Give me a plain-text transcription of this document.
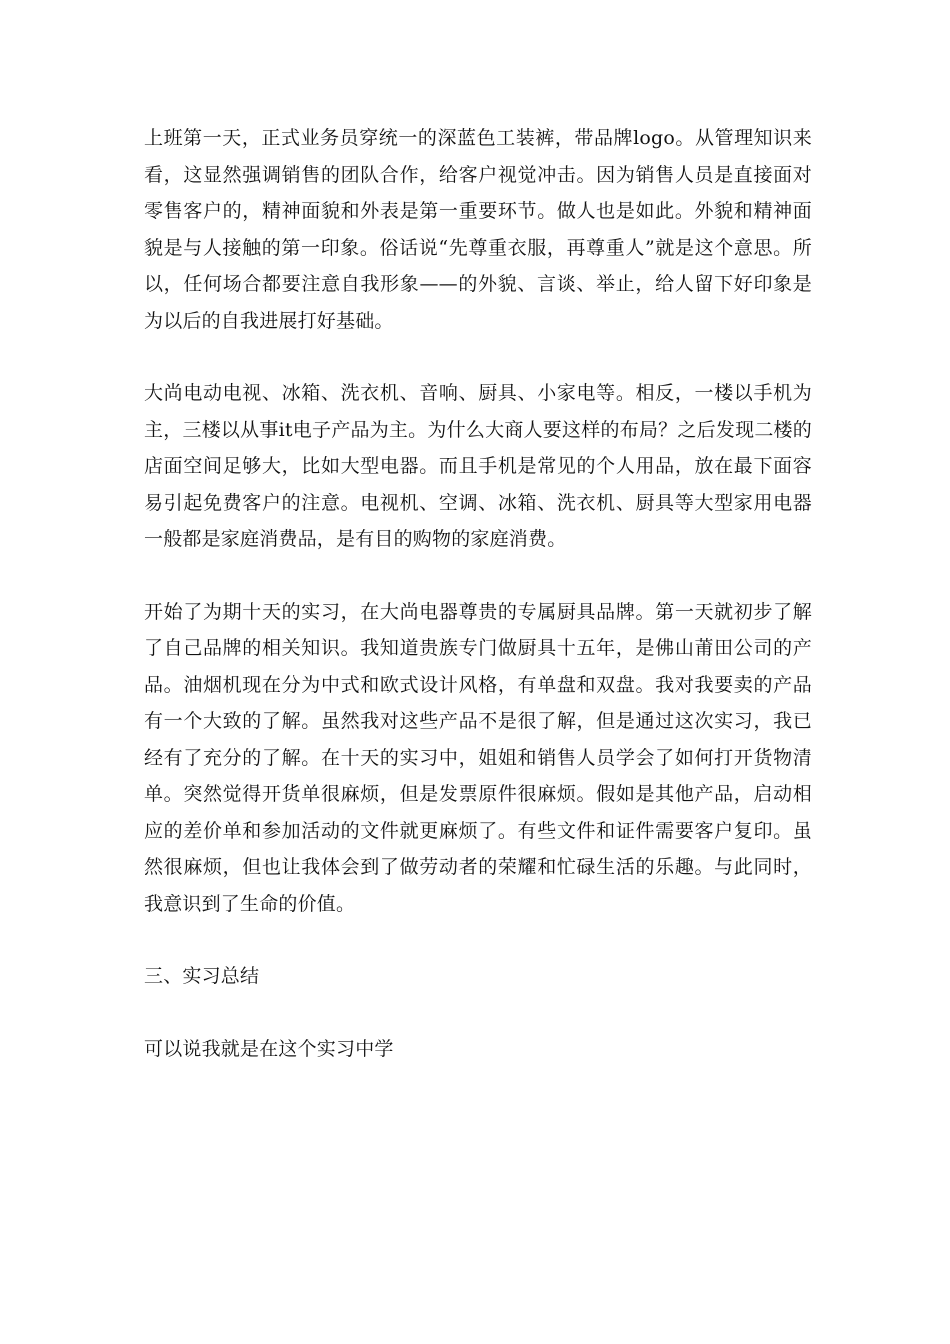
上班第一天，正式业务员穿统一的深蓝色工装裤，带品牌logo。从管理知识来看，这显然强调销售的团队合作，给客户视觉冲击。因为销售人员是直接面对零售客户的，精神面貌和外表是第一重要环节。做人也是如此。外貌和精神面貌是与人接触的第一印象。俗话说“先尊重衣服，再尊重人”就是这个意思。所以，任何场合都要注意自我形象——的外貌、言谈、举止，给人留下好印象是为以后的自我进展打好基础。

大尚电动电视、冰箱、洗衣机、音响、厨具、小家电等。相反，一楼以手机为主，三楼以从事it电子产品为主。为什么大商人要这样的布局？之后发现二楼的店面空间足够大，比如大型电器。而且手机是常见的个人用品，放在最下面容易引起免费客户的注意。电视机、空调、冰箱、洗衣机、厨具等大型家用电器一般都是家庭消费品，是有目的购物的家庭消费。

开始了为期十天的实习，在大尚电器尊贵的专属厨具品牌。第一天就初步了解了自己品牌的相关知识。我知道贵族专门做厨具十五年，是佛山莆田公司的产品。油烟机现在分为中式和欧式设计风格，有单盘和双盘。我对我要卖的产品有一个大致的了解。虽然我对这些产品不是很了解，但是通过这次实习，我已经有了充分的了解。在十天的实习中，姐姐和销售人员学会了如何打开货物清单。突然觉得开货单很麻烦，但是发票原件很麻烦。假如是其他产品，启动相应的差价单和参加活动的文件就更麻烦了。有些文件和证件需要客户复印。虽然很麻烦，但也让我体会到了做劳动者的荣耀和忙碌生活的乐趣。与此同时，我意识到了生命的价值。

三、实习总结

可以说我就是在这个实习中学
